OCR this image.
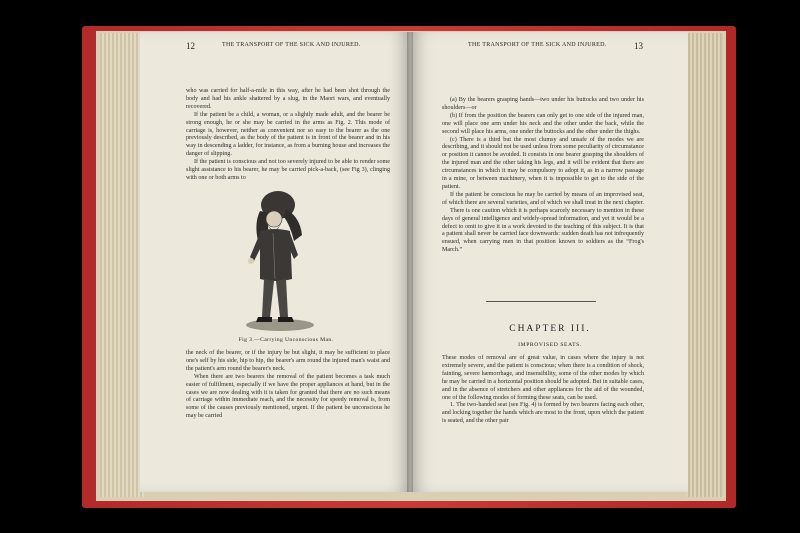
12	THE TRANSPORT OF THE SICK AND INJURED.

who was carried for half-a-mile in this way, after he had been shot through the body and had his ankle shattered by a slug, in the Maori wars, and eventually recovered.

If the patient be a child, a woman, or a slightly made adult, and the bearer be strong enough, he or she may be carried in the arms as Fig. 2. This mode of carriage is, however, neither as convenient nor so easy to the bearer as the one previously described, as the body of the patient is in front of the bearer and in his way in descending a ladder, for instance, as from a burning house and increases the danger of slipping.

If the patient is conscious and not too severely injured to be able to render some slight assistance to his bearer, he may be carried pick-a-back, (see Fig 3), clinging with one or both arms to

Fig 3.—Carrying Unconscious Man.

the neck of the bearer, or if the injury be but slight, it may be sufficient to place one's self by his side, hip to hip, the bearer's arm round the injured man's waist and the patient's arm round the bearer's neck.

When there are two bearers the removal of the patient becomes a task much easier of fulfilment, especially if we have the proper appliances at hand, but in the cases we are now dealing with it is taken for granted that there are no such means of carriage within immediate reach, and the necessity for speedy removal is, from some of the causes previously mentioned, urgent. If the patient be unconscious he may be carried

THE TRANSPORT OF THE SICK AND INJURED.	13

(a) By the bearers grasping hands—two under his buttocks and two under his shoulders—or

(b) If from the position the bearers can only get to one side of the injured man, one will place one arm under his neck and the other under the back, while the second will place his arms, one under the buttocks and the other under the thighs.

(c) There is a third but the most clumsy and unsafe of the modes we are describing, and it should not be used unless from some peculiarity of circumstance or position it cannot be avoided. It consists in one bearer grasping the shoulders of the injured man and the other taking his legs, and it will be evident that there are circumstances in which it may be compulsory to adopt it, as in a narrow passage in a mine, or between machinery, when it is impossible to get to the side of the patient.

If the patient be conscious he may be carried by means of an improvised seat, of which there are several varieties, and of which we shall treat in the next chapter.

There is one caution which it is perhaps scarcely necessary to mention in these days of general intelligence and widely-spread information, and yet it would be a defect to omit to give it in a work devoted to the teaching of this subject. It is that a patient shall never be carried face downwards: sudden death has not infrequently ensued, when carrying men in that position known to soldiers as the “Frog's March.”

CHAPTER III.
IMPROVISED SEATS.

These modes of removal are of great value, in cases where the injury is not extremely severe, and the patient is conscious; when there is a condition of shock, fainting, severe hæmorrhage, and insensibility, some of the other modes by which he may be carried in a horizontal position should be adopted. But in suitable cases, and in the absence of stretchers and other appliances for the aid of the wounded, one of the following modes of forming these seats, can be used.

1. The two-handed seat (see Fig. 4) is formed by two bearers facing each other, and locking together the hands which are most to the front, upon which the patient is seated, and the other pair
